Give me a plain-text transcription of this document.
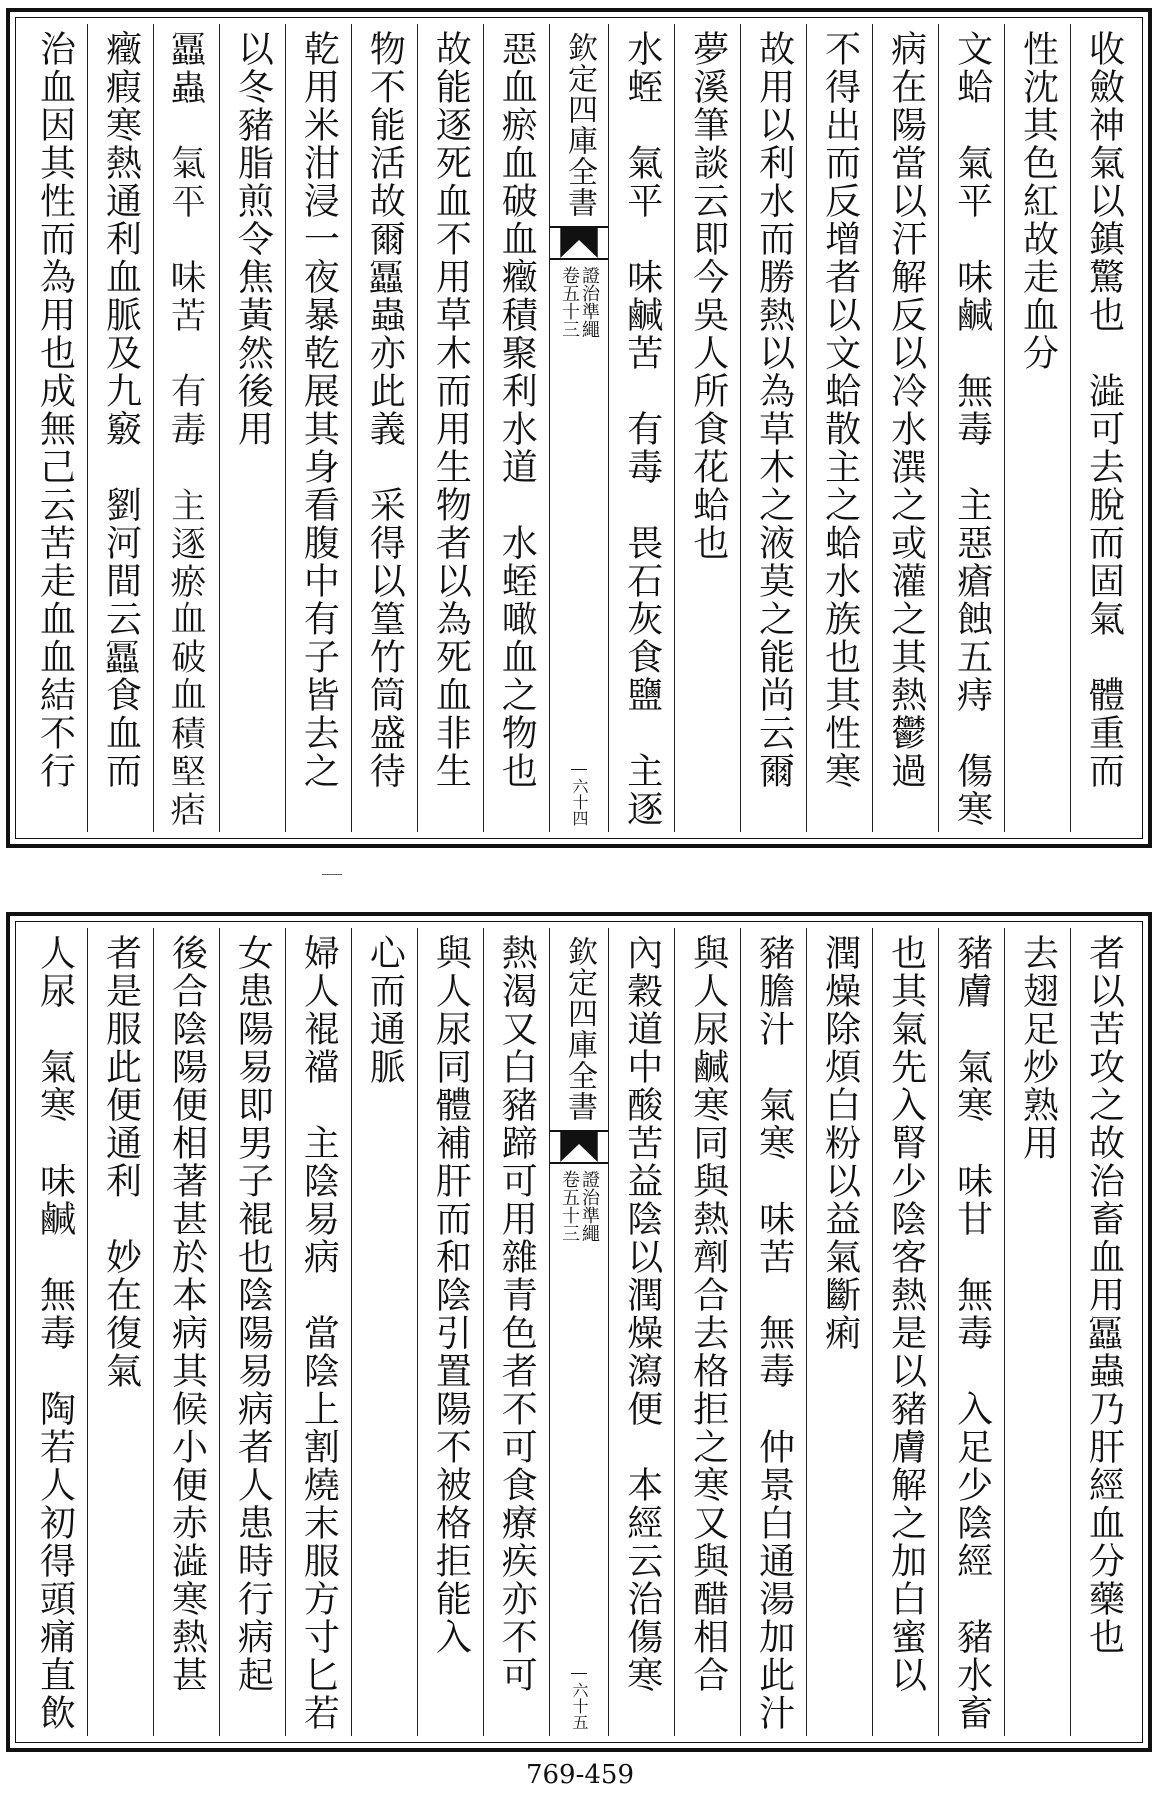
收斂神氣以鎮驚也　澁可去脫而固氣　體重而
性沈其色紅故走血分
文蛤　氣平　味鹹　無毒　主惡瘡蝕五痔　傷寒
病在陽當以汗解反以冷水潠之或灌之其熱鬱過
不得出而反增者以文蛤散主之蛤水族也其性寒
故用以利水而勝熱以為草木之液莫之能尚云爾
夢溪筆談云即今吳人所食花蛤也
水蛭　氣平　味鹹苦　有毒　畏石灰食鹽　主逐
欽定四庫全書
證治準繩
卷五十三
六十四
惡血瘀血破血癥積聚利水道　水蛭噉血之物也
故能逐死血不用草木而用生物者以為死血非生
物不能活故爾𧖅蟲亦此義　采得以篁竹筒盛待
乾用米泔浸一夜暴乾展其身看腹中有子皆去之
以冬豬脂煎令焦黃然後用
𧖅蟲　氣平　味苦　有毒　主逐瘀血破血積堅痞
癥瘕寒熱通利血脈及九竅　劉河間云𧖅食血而
治血因其性而為用也成無己云苦走血血結不行
者以苦攻之故治畜血用𧖅蟲乃肝經血分藥也
去翅足炒熟用
豬膚　氣寒　味甘　無毒　入足少陰經　豬水畜
也其氣先入腎少陰客熱是以豬膚解之加白蜜以
潤燥除煩白粉以益氣斷痢
豬膽汁　氣寒　味苦　無毒　仲景白通湯加此汁
與人尿鹹寒同與熱劑合去格拒之寒又與醋相合
內穀道中酸苦益陰以潤燥瀉便　本經云治傷寒
欽定四庫全書
證治準繩
卷五十三
六十五
熱渴又白豬蹄可用雜青色者不可食療疾亦不可
與人尿同體補肝而和陰引置陽不被格拒能入
心而通脈
婦人裩襠　主陰易病　當陰上割燒末服方寸匕若
女患陽易即男子裩也陰陽易病者人患時行病起
後合陰陽便相著甚於本病其候小便赤澁寒熱甚
者是服此便通利　妙在復氣
人尿　氣寒　味鹹　無毒　陶若人初得頭痛直飲
769-459
